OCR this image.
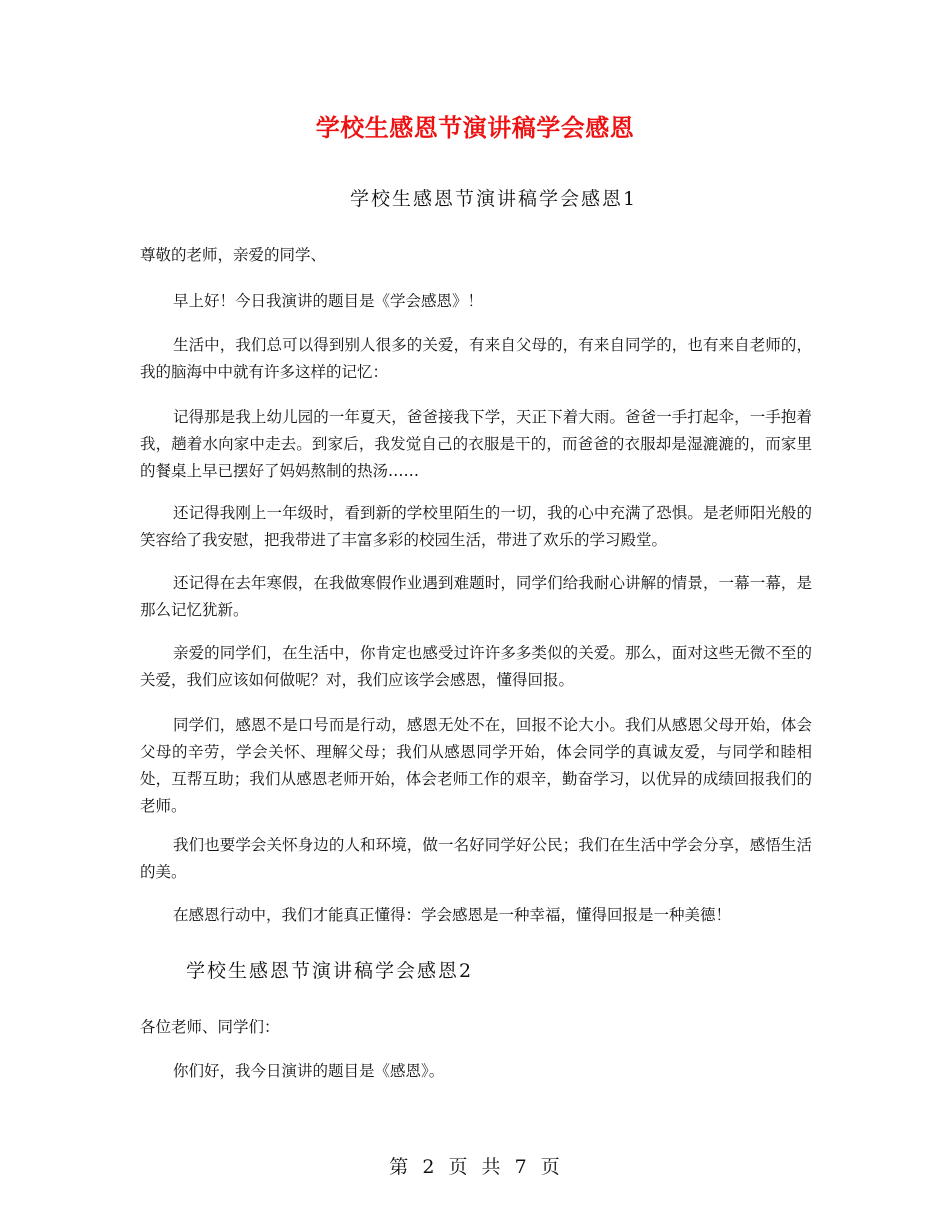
学校生感恩节演讲稿学会感恩
学校生感恩节演讲稿学会感恩1
尊敬的老师，亲爱的同学、
早上好！今日我演讲的题目是《学会感恩》！
生活中，我们总可以得到别人很多的关爱，有来自父母的，有来自同学的，也有来自老师的，我的脑海中中就有许多这样的记忆：
记得那是我上幼儿园的一年夏天，爸爸接我下学，天正下着大雨。爸爸一手打起伞，一手抱着我，趟着水向家中走去。到家后，我发觉自己的衣服是干的，而爸爸的衣服却是湿漉漉的，而家里的餐桌上早已摆好了妈妈熬制的热汤……
还记得我刚上一年级时，看到新的学校里陌生的一切，我的心中充满了恐惧。是老师阳光般的笑容给了我安慰，把我带进了丰富多彩的校园生活，带进了欢乐的学习殿堂。
还记得在去年寒假，在我做寒假作业遇到难题时，同学们给我耐心讲解的情景，一幕一幕，是那么记忆犹新。
亲爱的同学们，在生活中，你肯定也感受过许许多多类似的关爱。那么，面对这些无微不至的关爱，我们应该如何做呢？对，我们应该学会感恩，懂得回报。
同学们，感恩不是口号而是行动，感恩无处不在，回报不论大小。我们从感恩父母开始，体会父母的辛劳，学会关怀、理解父母；我们从感恩同学开始，体会同学的真诚友爱，与同学和睦相处，互帮互助；我们从感恩老师开始，体会老师工作的艰辛，勤奋学习，以优异的成绩回报我们的老师。
我们也要学会关怀身边的人和环境，做一名好同学好公民；我们在生活中学会分享，感悟生活的美。
在感恩行动中，我们才能真正懂得：学会感恩是一种幸福，懂得回报是一种美德！
学校生感恩节演讲稿学会感恩2
各位老师、同学们：
你们好，我今日演讲的题目是《感恩》。
第 2 页 共 7 页
